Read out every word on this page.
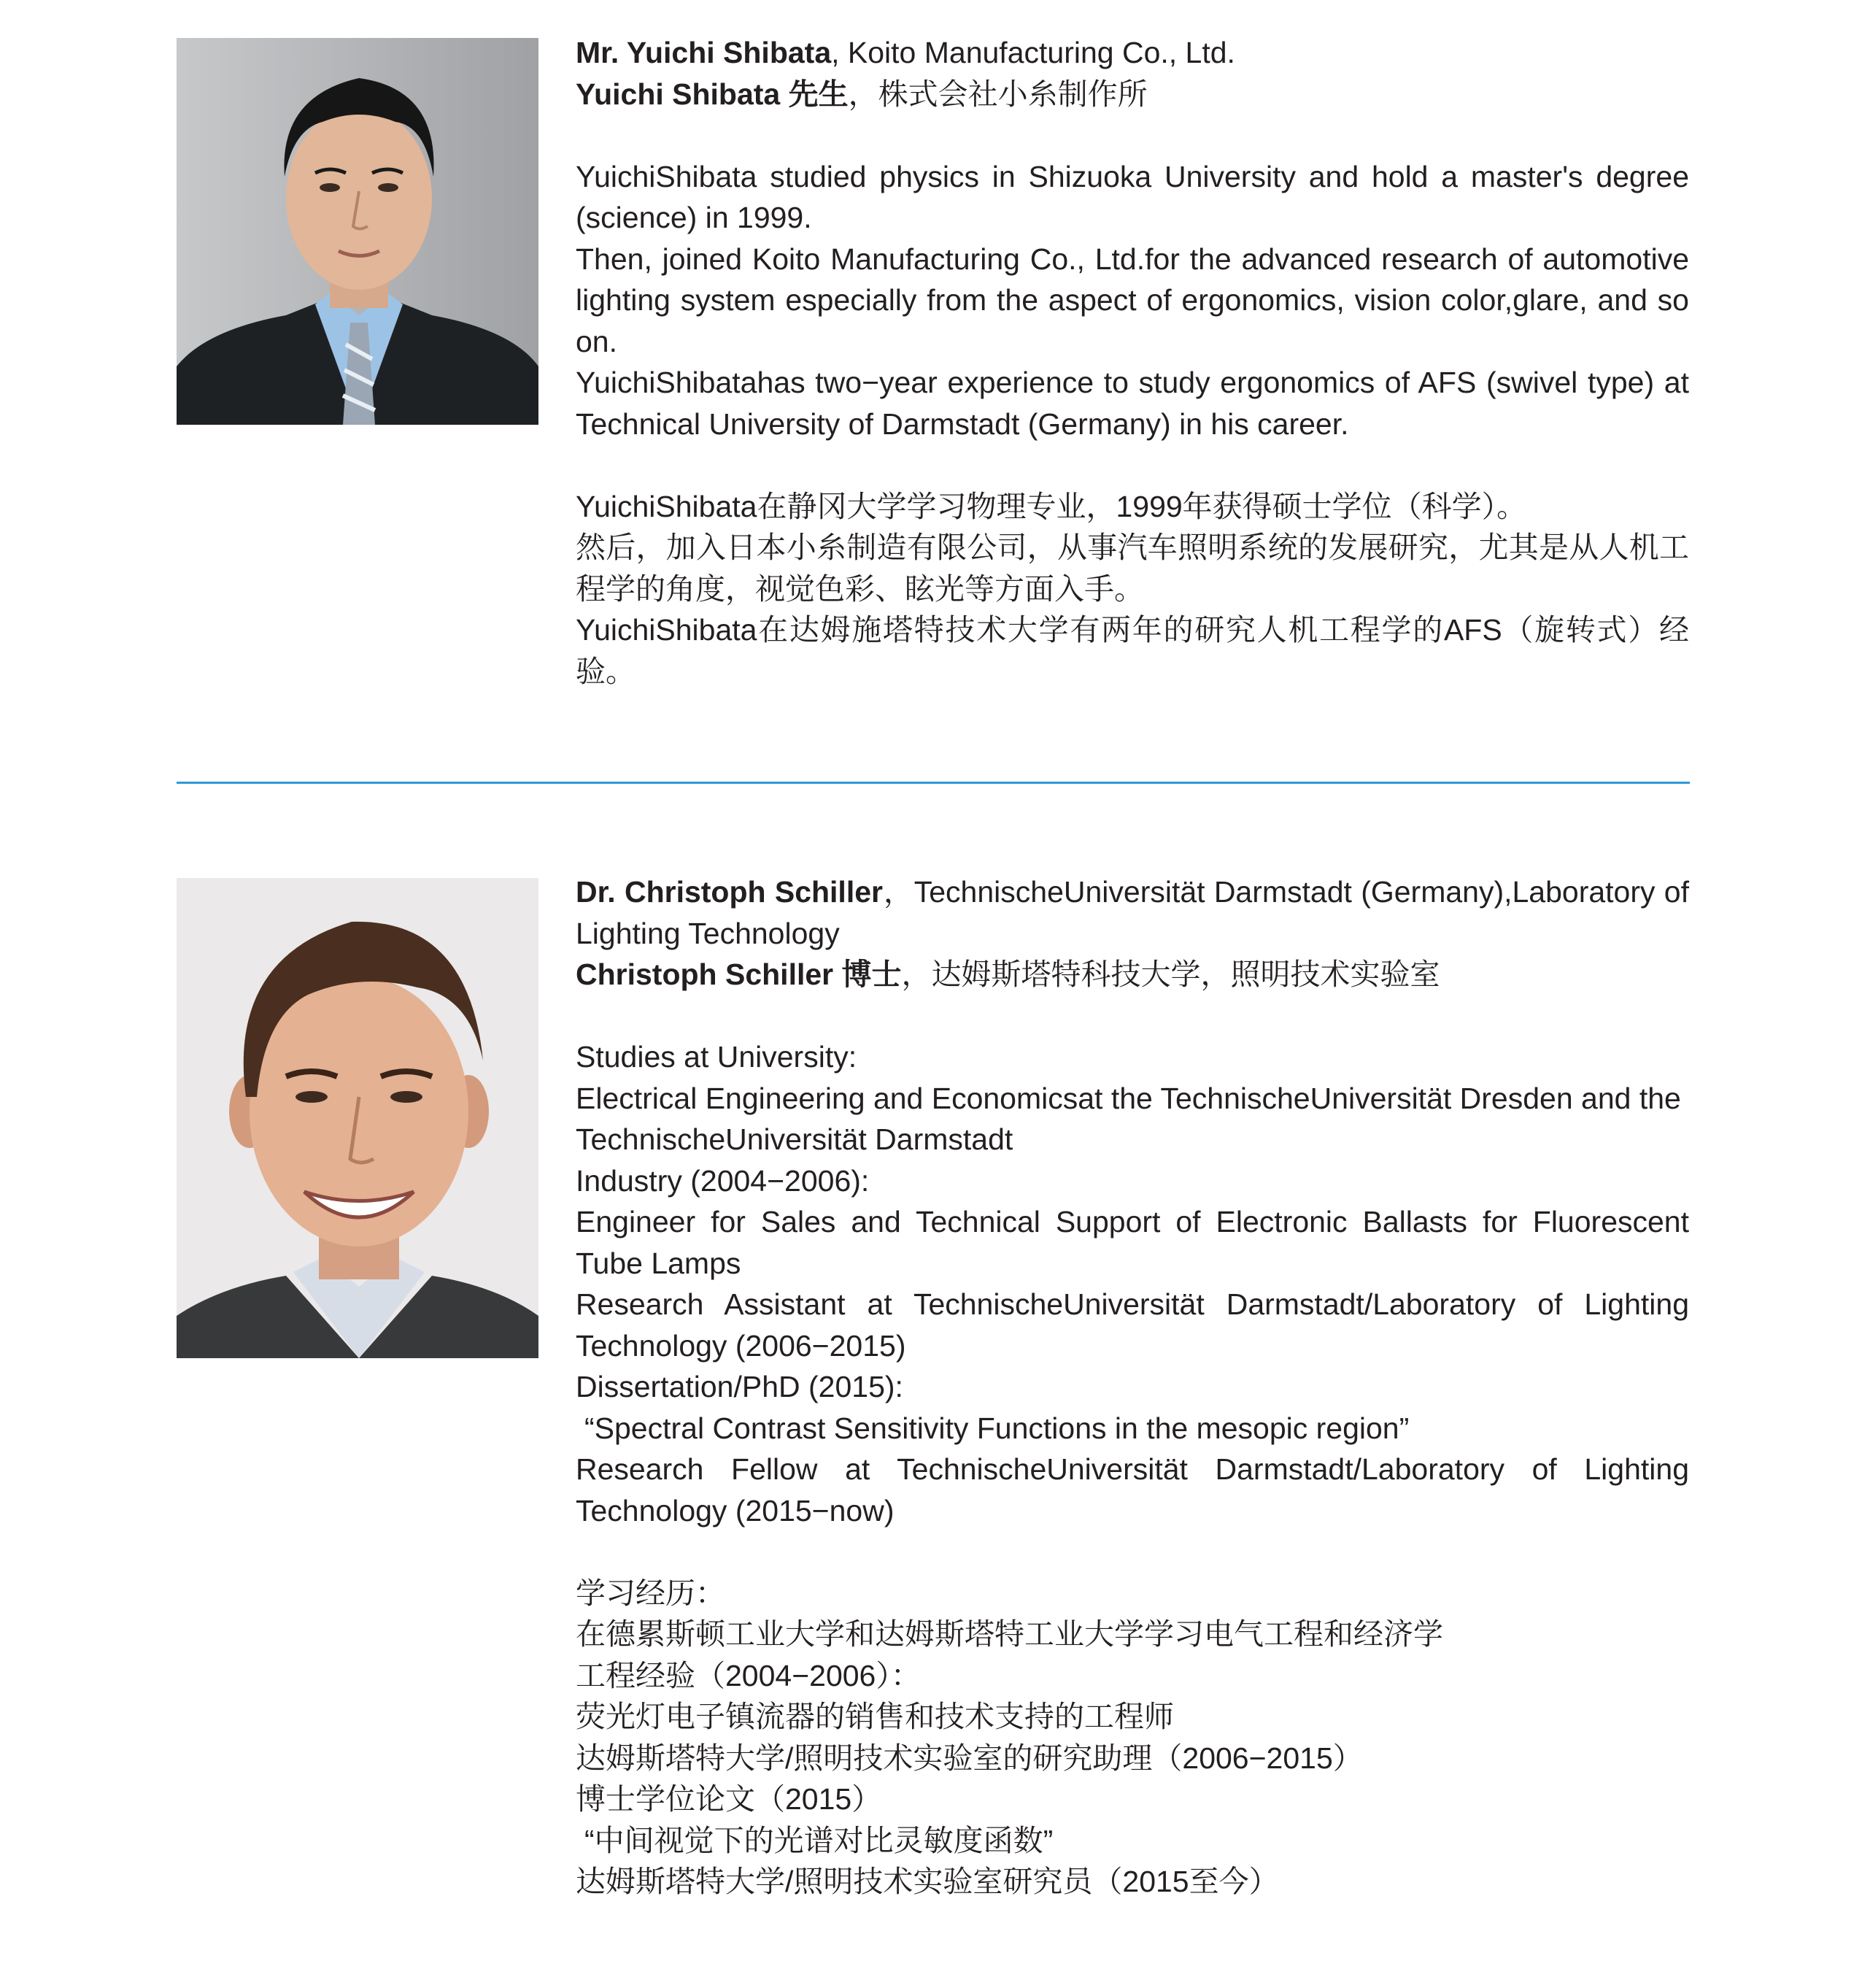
Mr. Yuichi Shibata, Koito Manufacturing Co., Ltd.

Yuichi Shibata 先生，株式会社小糸制作所

YuichiShibata studied physics in Shizuoka University and hold a master's degree (science) in 1999.

Then, joined Koito Manufacturing Co., Ltd.for the advanced research of automotive lighting system especially from the aspect of ergonomics, vision color,glare, and so on.

YuichiShibatahas two−year experience to study ergonomics of AFS (swivel type) at Technical University of Darmstadt (Germany) in his career.

YuichiShibata在静冈大学学习物理专业，1999年获得硕士学位（科学）。

然后，加入日本小糸制造有限公司，从事汽车照明系统的发展研究，尤其是从人机工程学的角度，视觉色彩、眩光等方面入手。

YuichiShibata在达姆施塔特技术大学有两年的研究人机工程学的AFS（旋转式）经验。

Dr. Christoph Schiller，TechnischeUniversität Darmstadt (Germany),Laboratory of Lighting Technology

Christoph Schiller 博士，达姆斯塔特科技大学，照明技术实验室

Studies at University:

Electrical Engineering and Economicsat the TechnischeUniversität Dresden and the

TechnischeUniversität Darmstadt

Industry (2004−2006):

Engineer for Sales and Technical Support of Electronic Ballasts for Fluorescent Tube Lamps

Research Assistant at TechnischeUniversität Darmstadt/Laboratory of Lighting Technology (2006−2015)

Dissertation/PhD (2015):

“Spectral Contrast Sensitivity Functions in the mesopic region”

Research Fellow at TechnischeUniversität Darmstadt/Laboratory of Lighting Technology (2015−now)

学习经历：

在德累斯顿工业大学和达姆斯塔特工业大学学习电气工程和经济学

工程经验（2004−2006）：

荧光灯电子镇流器的销售和技术支持的工程师

达姆斯塔特大学/照明技术实验室的研究助理（2006−2015）

博士学位论文（2015）

“中间视觉下的光谱对比灵敏度函数”

达姆斯塔特大学/照明技术实验室研究员（2015至今）
